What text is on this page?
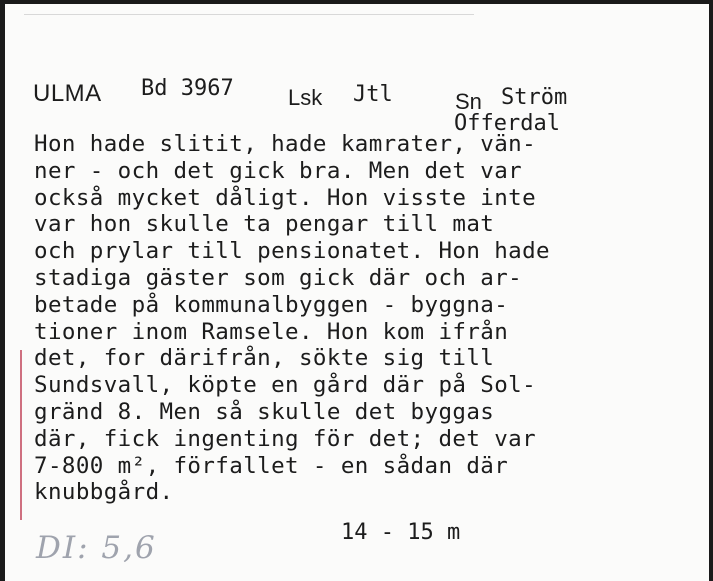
ULMA Bd 3967 Lsk Jtl	Sn Ström
Offerdal
Hon hade slitit, hade kamrater, vän-
ner - och det gick bra. Men det var
också mycket dåligt. Hon visste inte
var hon skulle ta pengar till mat
och prylar till pensionatet. Hon hade
stadiga gäster som gick där och ar-
betade på kommunalbyggen - byggna-
tioner inom Ramsele. Hon kom ifrån
det, for därifrån, sökte sig till
Sundsvall, köpte en gård där på Sol-
gränd 8. Men så skulle det byggas
där, fick ingenting för det; det var
7-800 m², förfallet - en sådan där
knubbgård.
14 - 15 m
DI: 5,6
